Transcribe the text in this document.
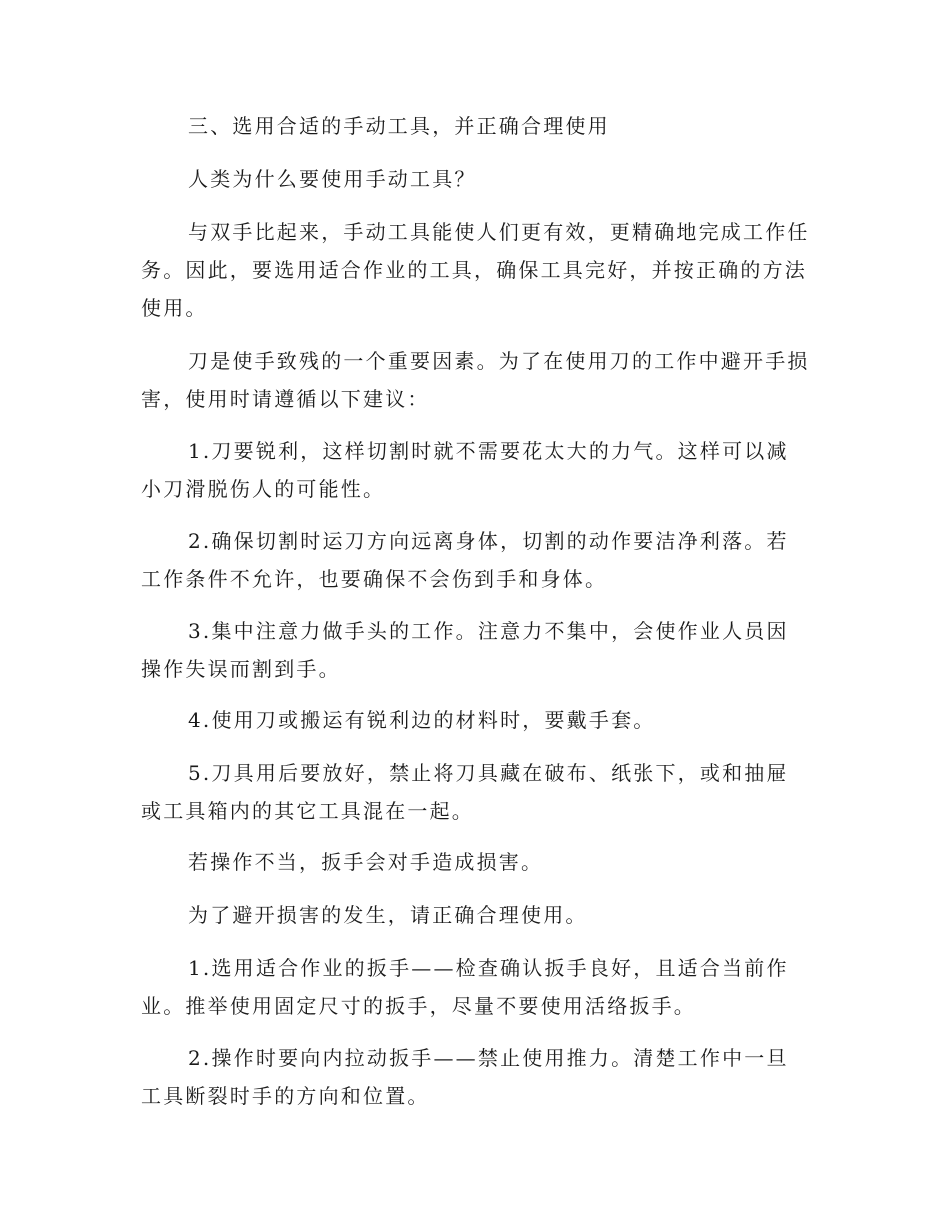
三、选用合适的手动工具，并正确合理使用

人类为什么要使用手动工具？

与双手比起来，手动工具能使人们更有效，更精确地完成工作任务。因此，要选用适合作业的工具，确保工具完好，并按正确的方法使用。

刀是使手致残的一个重要因素。为了在使用刀的工作中避开手损害，使用时请遵循以下建议：

1.刀要锐利，这样切割时就不需要花太大的力气。这样可以减小刀滑脱伤人的可能性。

2.确保切割时运刀方向远离身体，切割的动作要洁净利落。若工作条件不允许，也要确保不会伤到手和身体。

3.集中注意力做手头的工作。注意力不集中，会使作业人员因操作失误而割到手。

4.使用刀或搬运有锐利边的材料时，要戴手套。

5.刀具用后要放好，禁止将刀具藏在破布、纸张下，或和抽屉或工具箱内的其它工具混在一起。

若操作不当，扳手会对手造成损害。

为了避开损害的发生，请正确合理使用。

1.选用适合作业的扳手——检查确认扳手良好，且适合当前作业。推举使用固定尺寸的扳手，尽量不要使用活络扳手。

2.操作时要向内拉动扳手——禁止使用推力。清楚工作中一旦工具断裂时手的方向和位置。
